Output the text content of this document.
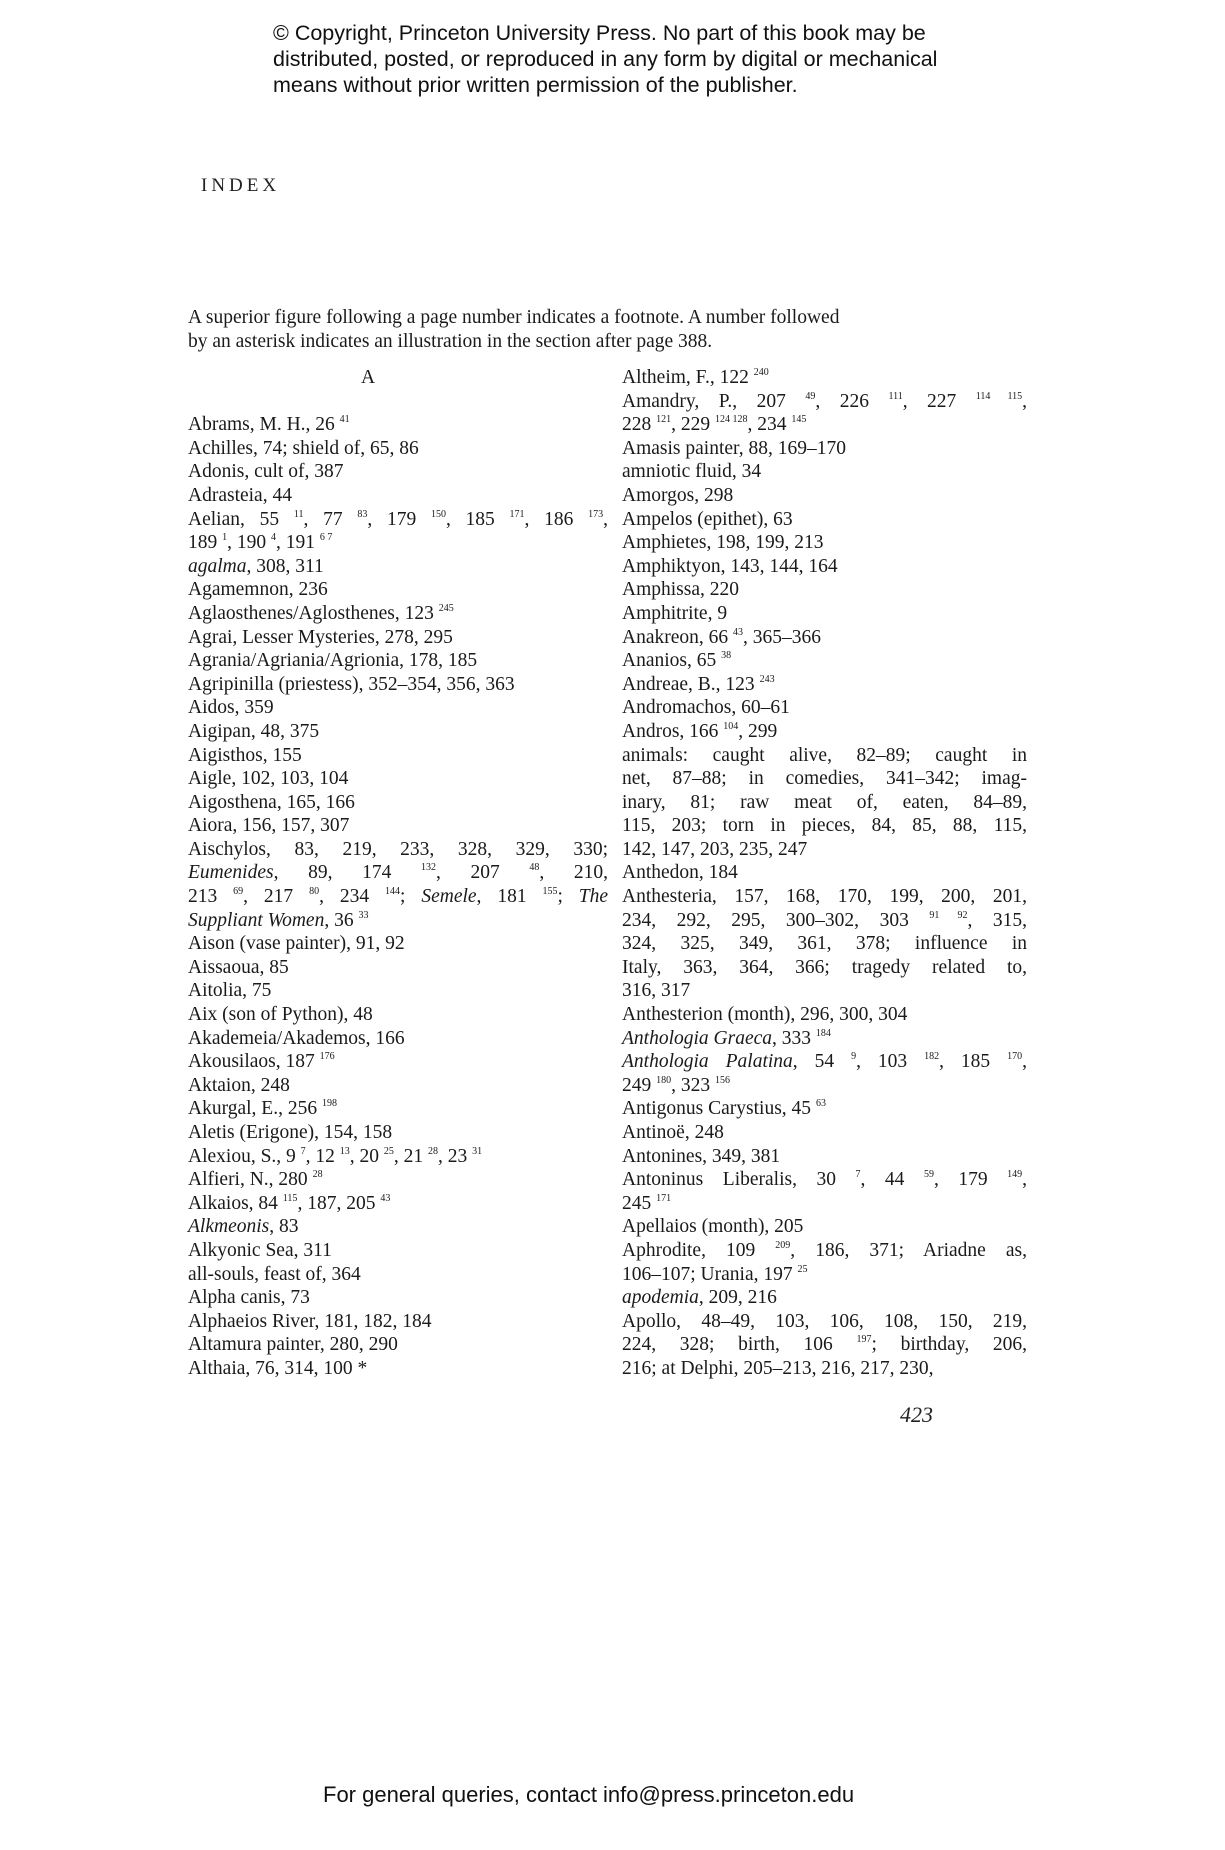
© Copyright, Princeton University Press. No part of this book may be
distributed, posted, or reproduced in any form by digital or mechanical
means without prior written permission of the publisher.
INDEX
A superior figure following a page number indicates a footnote. A number followed
by an asterisk indicates an illustration in the section after page 388.
A
Abrams, M. H., 26 $^{41}$
Achilles, 74; shield of, 65, 86
Adonis, cult of, 387
Adrasteia, 44
Aelian, 55 $^{11}$, 77 $^{83}$, 179 $^{150}$, 185 $^{171}$, 186 $^{173}$,
189 $^1$, 190 $^4$, 191 $^{6 7}$
agalma, 308, 311
Agamemnon, 236
Aglaosthenes/Aglosthenes, 123 $^{245}$
Agrai, Lesser Mysteries, 278, 295
Agrania/Agriania/Agrionia, 178, 185
Agripinilla (priestess), 352–354, 356, 363
Aidos, 359
Aigipan, 48, 375
Aigisthos, 155
Aigle, 102, 103, 104
Aigosthena, 165, 166
Aiora, 156, 157, 307
Aischylos, 83, 219, 233, 328, 329, 330;
Eumenides, 89, 174 $^{132}$, 207 $^{48}$, 210,
213 $^{69}$, 217 $^{80}$, 234 $^{144}$; Semele, 181 $^{155}$; The
Suppliant Women, 36 $^{33}$
Aison (vase painter), 91, 92
Aissaoua, 85
Aitolia, 75
Aix (son of Python), 48
Akademeia/Akademos, 166
Akousilaos, 187 $^{176}$
Aktaion, 248
Akurgal, E., 256 $^{198}$
Aletis (Erigone), 154, 158
Alexiou, S., 9 $^7$, 12 $^{13}$, 20 $^{25}$, 21 $^{28}$, 23 $^{31}$
Alfieri, N., 280 $^{28}$
Alkaios, 84 $^{115}$, 187, 205 $^{43}$
Alkmeonis, 83
Alkyonic Sea, 311
all-souls, feast of, 364
Alpha canis, 73
Alphaeios River, 181, 182, 184
Altamura painter, 280, 290
Althaia, 76, 314, 100 *
Altheim, F., 122 $^{240}$
Amandry, P., 207 $^{49}$, 226 $^{111}$, 227 $^{114 115}$,
228 $^{121}$, 229 $^{124 128}$, 234 $^{145}$
Amasis painter, 88, 169–170
amniotic fluid, 34
Amorgos, 298
Ampelos (epithet), 63
Amphietes, 198, 199, 213
Amphiktyon, 143, 144, 164
Amphissa, 220
Amphitrite, 9
Anakreon, 66 $^{43}$, 365–366
Ananios, 65 $^{38}$
Andreae, B., 123 $^{243}$
Andromachos, 60–61
Andros, 166 $^{104}$, 299
animals: caught alive, 82–89; caught in
net, 87–88; in comedies, 341–342; imag-
inary, 81; raw meat of, eaten, 84–89,
115, 203; torn in pieces, 84, 85, 88, 115,
142, 147, 203, 235, 247
Anthedon, 184
Anthesteria, 157, 168, 170, 199, 200, 201,
234, 292, 295, 300–302, 303 $^{91 92}$, 315,
324, 325, 349, 361, 378; influence in
Italy, 363, 364, 366; tragedy related to,
316, 317
Anthesterion (month), 296, 300, 304
Anthologia Graeca, 333 $^{184}$
Anthologia Palatina, 54 $^9$, 103 $^{182}$, 185 $^{170}$,
249 $^{180}$, 323 $^{156}$
Antigonus Carystius, 45 $^{63}$
Antinoë, 248
Antonines, 349, 381
Antoninus Liberalis, 30 $^7$, 44 $^{59}$, 179 $^{149}$,
245 $^{171}$
Apellaios (month), 205
Aphrodite, 109 $^{209}$, 186, 371; Ariadne as,
106–107; Urania, 197 $^{25}$
apodemia, 209, 216
Apollo, 48–49, 103, 106, 108, 150, 219,
224, 328; birth, 106 $^{197}$; birthday, 206,
216; at Delphi, 205–213, 216, 217, 230,
423
For general queries, contact info@press.princeton.edu
